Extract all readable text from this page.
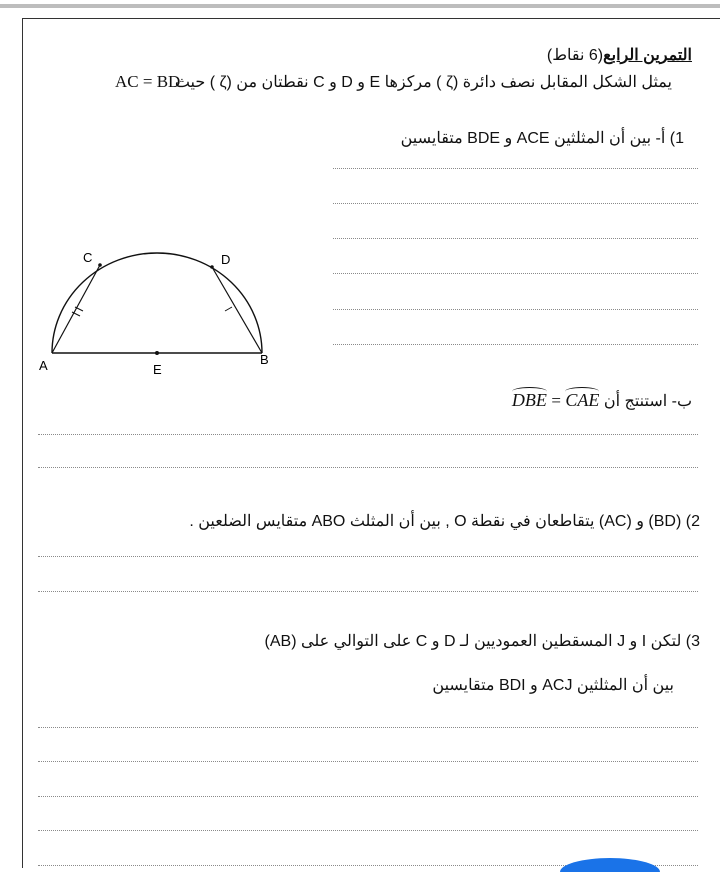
التمرين الرابع(6 نقاط)
يمثل الشكل المقابل نصف دائرة (ζ ) مركزها E و D و C نقطتان من (ζ ) حيث
AC = BD
1) أ- بين أن المثلثين ACE و BDE متقايسين
A	B
C	D
E
ب- استنتج أن DBE = CAE
2) (BD) و (AC) يتقاطعان في نقطة O , بين أن المثلث ABO متقايس الضلعين .
3) لتكن I و J المسقطين العموديين لـ D و C على التوالي على (AB)
بين أن المثلثين ACJ و BDI متقايسين
